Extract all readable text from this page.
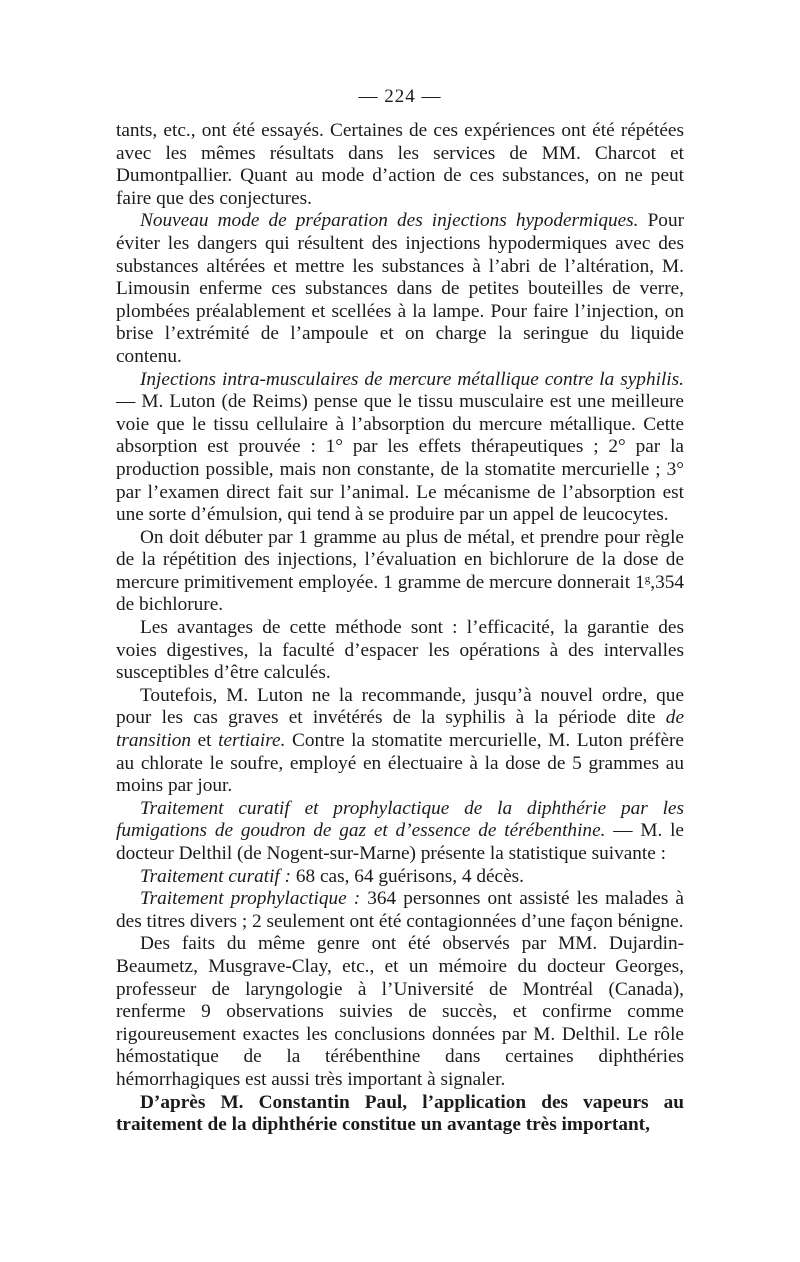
— 224 —

tants, etc., ont été essayés. Certaines de ces expériences ont été répétées avec les mêmes résultats dans les services de MM. Charcot et Dumontpallier. Quant au mode d’action de ces substances, on ne peut faire que des conjectures.

Nouveau mode de préparation des injections hypodermiques. Pour éviter les dangers qui résultent des injections hypodermiques avec des substances altérées et mettre les substances à l’abri de l’altération, M. Limousin enferme ces substances dans de petites bouteilles de verre, plombées préalablement et scellées à la lampe. Pour faire l’injection, on brise l’extrémité de l’ampoule et on charge la seringue du liquide contenu.

Injections intra-musculaires de mercure métallique contre la syphilis. — M. Luton (de Reims) pense que le tissu musculaire est une meilleure voie que le tissu cellulaire à l’absorption du mercure métallique. Cette absorption est prouvée : 1° par les effets thérapeutiques ; 2° par la production possible, mais non constante, de la stomatite mercurielle ; 3° par l’examen direct fait sur l’animal. Le mécanisme de l’absorption est une sorte d’émulsion, qui tend à se produire par un appel de leucocytes.

On doit débuter par 1 gramme au plus de métal, et prendre pour règle de la répétition des injections, l’évaluation en bichlorure de la dose de mercure primitivement employée. 1 gramme de mercure donnerait 1$^g$,354 de bichlorure.

Les avantages de cette méthode sont : l’efficacité, la garantie des voies digestives, la faculté d’espacer les opérations à des intervalles susceptibles d’être calculés.

Toutefois, M. Luton ne la recommande, jusqu’à nouvel ordre, que pour les cas graves et invétérés de la syphilis à la période dite de transition et tertiaire. Contre la stomatite mercurielle, M. Luton préfère au chlorate le soufre, employé en électuaire à la dose de 5 grammes au moins par jour.

Traitement curatif et prophylactique de la diphthérie par les fumigations de goudron de gaz et d’essence de térébenthine. — M. le docteur Delthil (de Nogent-sur-Marne) présente la statistique suivante :

Traitement curatif : 68 cas, 64 guérisons, 4 décès.

Traitement prophylactique : 364 personnes ont assisté les malades à des titres divers ; 2 seulement ont été contagionnées d’une façon bénigne.

Des faits du même genre ont été observés par MM. Dujardin-Beaumetz, Musgrave-Clay, etc., et un mémoire du docteur Georges, professeur de laryngologie à l’Université de Montréal (Canada), renferme 9 observations suivies de succès, et confirme comme rigoureusement exactes les conclusions données par M. Delthil. Le rôle hémostatique de la térébenthine dans certaines diphthéries hémorrhagiques est aussi très important à signaler.

D’après M. Constantin Paul, l’application des vapeurs au traitement de la diphthérie constitue un avantage très important,
